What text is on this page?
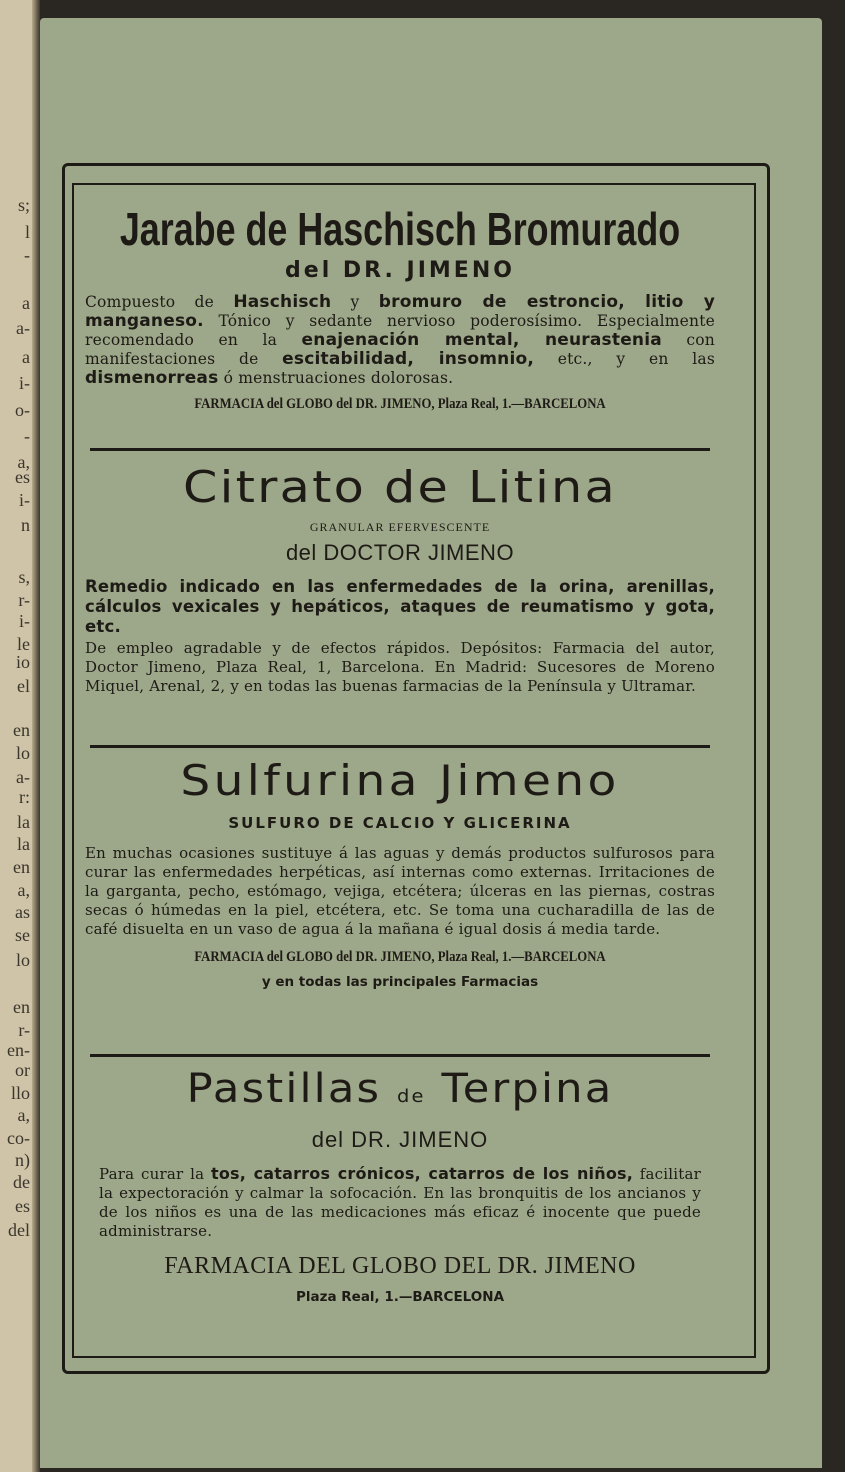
s;
l
-
a
a-
a
i-
o-
-
a,
es
i-
n
s,
r-
i-
le
io
el
en
lo
a-
r:
la
la
en
a,
as
se
lo
en
r-
en-
or
llo
a,
co-
n)
de
es
del
Jarabe de Haschisch Bromurado
del DR. JIMENO

Compuesto de Haschisch y bromuro de estroncio, litio y manganeso. Tónico y sedante nervioso poderosísimo. Especialmente recomendado en la enajenación mental, neurastenia con manifestaciones de escitabilidad, insomnio, etc., y en las dismenorreas ó menstruaciones dolorosas.

FARMACIA del GLOBO del DR. JIMENO, Plaza Real, 1.—BARCELONA
Citrato de Litina
GRANULAR EFERVESCENTE
del DOCTOR JIMENO

Remedio indicado en las enfermedades de la orina, arenillas, cálculos vexicales y hepáticos, ataques de reumatismo y gota, etc.

De empleo agradable y de efectos rápidos. Depósitos: Farmacia del autor, Doctor Jimeno, Plaza Real, 1, Barcelona. En Madrid: Sucesores de Moreno Miquel, Arenal, 2, y en todas las buenas farmacias de la Península y Ultramar.

Sulfurina Jimeno
SULFURO DE CALCIO Y GLICERINA

En muchas ocasiones sustituye á las aguas y demás productos sulfurosos para curar las enfermedades herpéticas, así internas como externas. Irritaciones de la garganta, pecho, estómago, vejiga, etcétera; úlceras en las piernas, costras secas ó húmedas en la piel, etcétera, etc. Se toma una cucharadilla de las de café disuelta en un vaso de agua á la mañana é igual dosis á media tarde.

FARMACIA del GLOBO del DR. JIMENO, Plaza Real, 1.—BARCELONA
y en todas las principales Farmacias
Pastillas de Terpina
del DR. JIMENO

Para curar la tos, catarros crónicos, catarros de los niños, facilitar la expectoración y calmar la sofocación. En las bronquitis de los ancianos y de los niños es una de las medicaciones más eficaz é inocente que puede administrarse.

FARMACIA DEL GLOBO DEL DR. JIMENO
Plaza Real, 1.—BARCELONA
